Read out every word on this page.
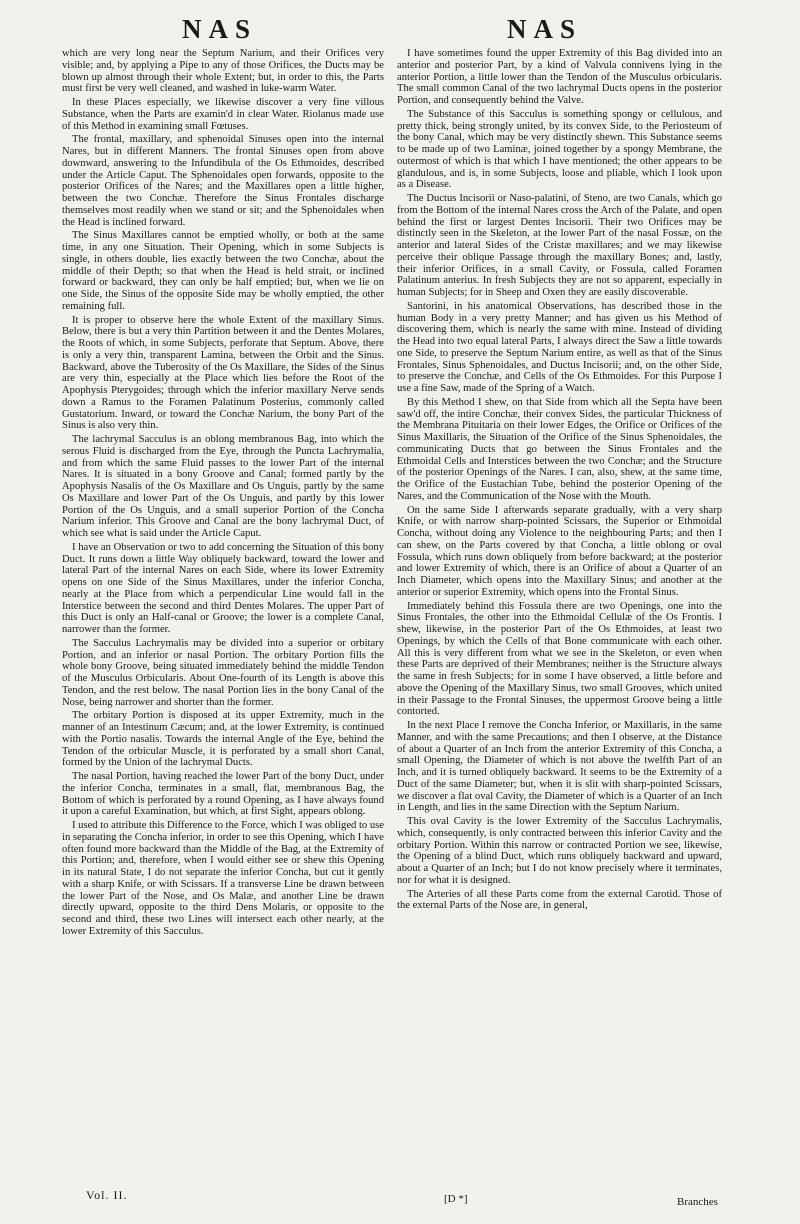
NAS	NAS

which are very long near the Septum Narium, and their Orifices very visible; and, by applying a Pipe to any of those Orifices, the Ducts may be blown up almost through their whole Extent; but, in order to this, the Parts must first be very well cleaned, and washed in luke-warm Water.

In these Places especially, we likewise discover a very fine villous Substance, when the Parts are examin'd in clear Water. Riolanus made use of this Method in examining small Fœtuses.

The frontal, maxillary, and sphenoidal Sinuses open into the internal Nares, but in different Manners. The frontal Sinuses open from above downward, answering to the Infundibula of the Os Ethmoides, described under the Article Caput. The Sphenoidales open forwards, opposite to the posterior Orifices of the Nares; and the Maxillares open a little higher, between the two Conchæ. Therefore the Sinus Frontales discharge themselves most readily when we stand or sit; and the Sphenoidales when the Head is inclined forward.

The Sinus Maxillares cannot be emptied wholly, or both at the same time, in any one Situation. Their Opening, which in some Subjects is single, in others double, lies exactly between the two Conchæ, about the middle of their Depth; so that when the Head is held strait, or inclined forward or backward, they can only be half emptied; but, when we lie on one Side, the Sinus of the opposite Side may be wholly emptied, the other remaining full.

It is proper to observe here the whole Extent of the maxillary Sinus. Below, there is but a very thin Partition between it and the Dentes Molares, the Roots of which, in some Subjects, perforate that Septum. Above, there is only a very thin, transparent Lamina, between the Orbit and the Sinus. Backward, above the Tuberosity of the Os Maxillare, the Sides of the Sinus are very thin, especially at the Place which lies before the Root of the Apophysis Pterygoides; through which the inferior maxillary Nerve sends down a Ramus to the Foramen Palatinum Posterius, commonly called Gustatorium. Inward, or toward the Conchæ Narium, the bony Part of the Sinus is also very thin.

The lachrymal Sacculus is an oblong membranous Bag, into which the serous Fluid is discharged from the Eye, through the Puncta Lachrymalia, and from which the same Fluid passes to the lower Part of the internal Nares. It is situated in a bony Groove and Canal; formed partly by the Apophysis Nasalis of the Os Maxillare and Os Unguis, partly by the same Os Maxillare and lower Part of the Os Unguis, and partly by this lower Portion of the Os Unguis, and a small superior Portion of the Concha Narium inferior. This Groove and Canal are the bony lachrymal Duct, of which see what is said under the Article Caput.

I have an Observation or two to add concerning the Situation of this bony Duct. It runs down a little Way obliquely backward, toward the lower and lateral Part of the internal Nares on each Side, where its lower Extremity opens on one Side of the Sinus Maxillares, under the inferior Concha, nearly at the Place from which a perpendicular Line would fall in the Interstice between the second and third Dentes Molares. The upper Part of this Duct is only an Half-canal or Groove; the lower is a complete Canal, narrower than the former.

The Sacculus Lachrymalis may be divided into a superior or orbitary Portion, and an inferior or nasal Portion. The orbitary Portion fills the whole bony Groove, being situated immediately behind the middle Tendon of the Musculus Orbicularis. About One-fourth of its Length is above this Tendon, and the rest below. The nasal Portion lies in the bony Canal of the Nose, being narrower and shorter than the former.

The orbitary Portion is disposed at its upper Extremity, much in the manner of an Intestinum Cæcum; and, at the lower Extremity, is continued with the Portio nasalis. Towards the internal Angle of the Eye, behind the Tendon of the orbicular Muscle, it is perforated by a small short Canal, formed by the Union of the lachrymal Ducts.

The nasal Portion, having reached the lower Part of the bony Duct, under the inferior Concha, terminates in a small, flat, membranous Bag, the Bottom of which is perforated by a round Opening, as I have always found it upon a careful Examination, but which, at first Sight, appears oblong.

I used to attribute this Difference to the Force, which I was obliged to use in separating the Concha inferior, in order to see this Opening, which I have often found more backward than the Middle of the Bag, at the Extremity of this Portion; and, therefore, when I would either see or shew this Opening in its natural State, I do not separate the inferior Concha, but cut it gently with a sharp Knife, or with Scissars. If a transverse Line be drawn between the lower Part of the Nose, and Os Malæ, and another Line be drawn directly upward, opposite to the third Dens Molaris, or opposite to the second and third, these two Lines will intersect each other nearly, at the lower Extremity of this Sacculus.

I have sometimes found the upper Extremity of this Bag divided into an anterior and posterior Part, by a kind of Valvula connivens lying in the anterior Portion, a little lower than the Tendon of the Musculus orbicularis. The small common Canal of the two lachrymal Ducts opens in the posterior Portion, and consequently behind the Valve.

The Substance of this Sacculus is something spongy or cellulous, and pretty thick, being strongly united, by its convex Side, to the Periosteum of the bony Canal, which may be very distinctly shewn. This Substance seems to be made up of two Laminæ, joined together by a spongy Membrane, the outermost of which is that which I have mentioned; the other appears to be glandulous, and is, in some Subjects, loose and pliable, which I look upon as a Disease.

The Ductus Incisorii or Naso-palatini, of Steno, are two Canals, which go from the Bottom of the internal Nares cross the Arch of the Palate, and open behind the first or largest Dentes Incisorii. Their two Orifices may be distinctly seen in the Skeleton, at the lower Part of the nasal Fossæ, on the anterior and lateral Sides of the Cristæ maxillares; and we may likewise perceive their oblique Passage through the maxillary Bones; and, lastly, their inferior Orifices, in a small Cavity, or Fossula, called Foramen Palatinum anterius. In fresh Subjects they are not so apparent, especially in human Subjects; for in Sheep and Oxen they are easily discoverable.

Santorini, in his anatomical Observations, has described those in the human Body in a very pretty Manner; and has given us his Method of discovering them, which is nearly the same with mine. Instead of dividing the Head into two equal lateral Parts, I always direct the Saw a little towards one Side, to preserve the Septum Narium entire, as well as that of the Sinus Frontales, Sinus Sphenoidales, and Ductus Incisorii; and, on the other Side, to preserve the Conchæ, and Cells of the Os Ethmoides. For this Purpose I use a fine Saw, made of the Spring of a Watch.

By this Method I shew, on that Side from which all the Septa have been saw'd off, the intire Conchæ, their convex Sides, the particular Thickness of the Membrana Pituitaria on their lower Edges, the Orifice or Orifices of the Sinus Maxillaris, the Situation of the Orifice of the Sinus Sphenoidales, the communicating Ducts that go between the Sinus Frontales and the Ethmoidal Cells and Interstices between the two Conchæ; and the Structure of the posterior Openings of the Nares. I can, also, shew, at the same time, the Orifice of the Eustachian Tube, behind the posterior Opening of the Nares, and the Communication of the Nose with the Mouth.

On the same Side I afterwards separate gradually, with a very sharp Knife, or with narrow sharp-pointed Scissars, the Superior or Ethmoidal Concha, without doing any Violence to the neighbouring Parts; and then I can shew, on the Parts covered by that Concha, a little oblong or oval Fossula, which runs down obliquely from before backward; at the posterior and lower Extremity of which, there is an Orifice of about a Quarter of an Inch Diameter, which opens into the Maxillary Sinus; and another at the anterior or superior Extremity, which opens into the Frontal Sinus.

Immediately behind this Fossula there are two Openings, one into the Sinus Frontales, the other into the Ethmoidal Cellulæ of the Os Frontis. I shew, likewise, in the posterior Part of the Os Ethmoides, at least two Openings, by which the Cells of that Bone communicate with each other. All this is very different from what we see in the Skeleton, or even when these Parts are deprived of their Membranes; neither is the Structure always the same in fresh Subjects; for in some I have observed, a little before and above the Opening of the Maxillary Sinus, two small Grooves, which united in their Passage to the Frontal Sinuses, the uppermost Groove being a little contorted.

In the next Place I remove the Concha Inferior, or Maxillaris, in the same Manner, and with the same Precautions; and then I observe, at the Distance of about a Quarter of an Inch from the anterior Extremity of this Concha, a small Opening, the Diameter of which is not above the twelfth Part of an Inch, and it is turned obliquely backward. It seems to be the Extremity of a Duct of the same Diameter; but, when it is slit with sharp-pointed Scissars, we discover a flat oval Cavity, the Diameter of which is a Quarter of an Inch in Length, and lies in the same Direction with the Septum Narium.

This oval Cavity is the lower Extremity of the Sacculus Lachrymalis, which, consequently, is only contracted between this inferior Cavity and the orbitary Portion. Within this narrow or contracted Portion we see, likewise, the Opening of a blind Duct, which runs obliquely backward and upward, about a Quarter of an Inch; but I do not know precisely where it terminates, nor for what it is designed.

The Arteries of all these Parts come from the external Carotid. Those of the external Parts of the Nose are, in general,

Vol. II.	[D *]	Branches
